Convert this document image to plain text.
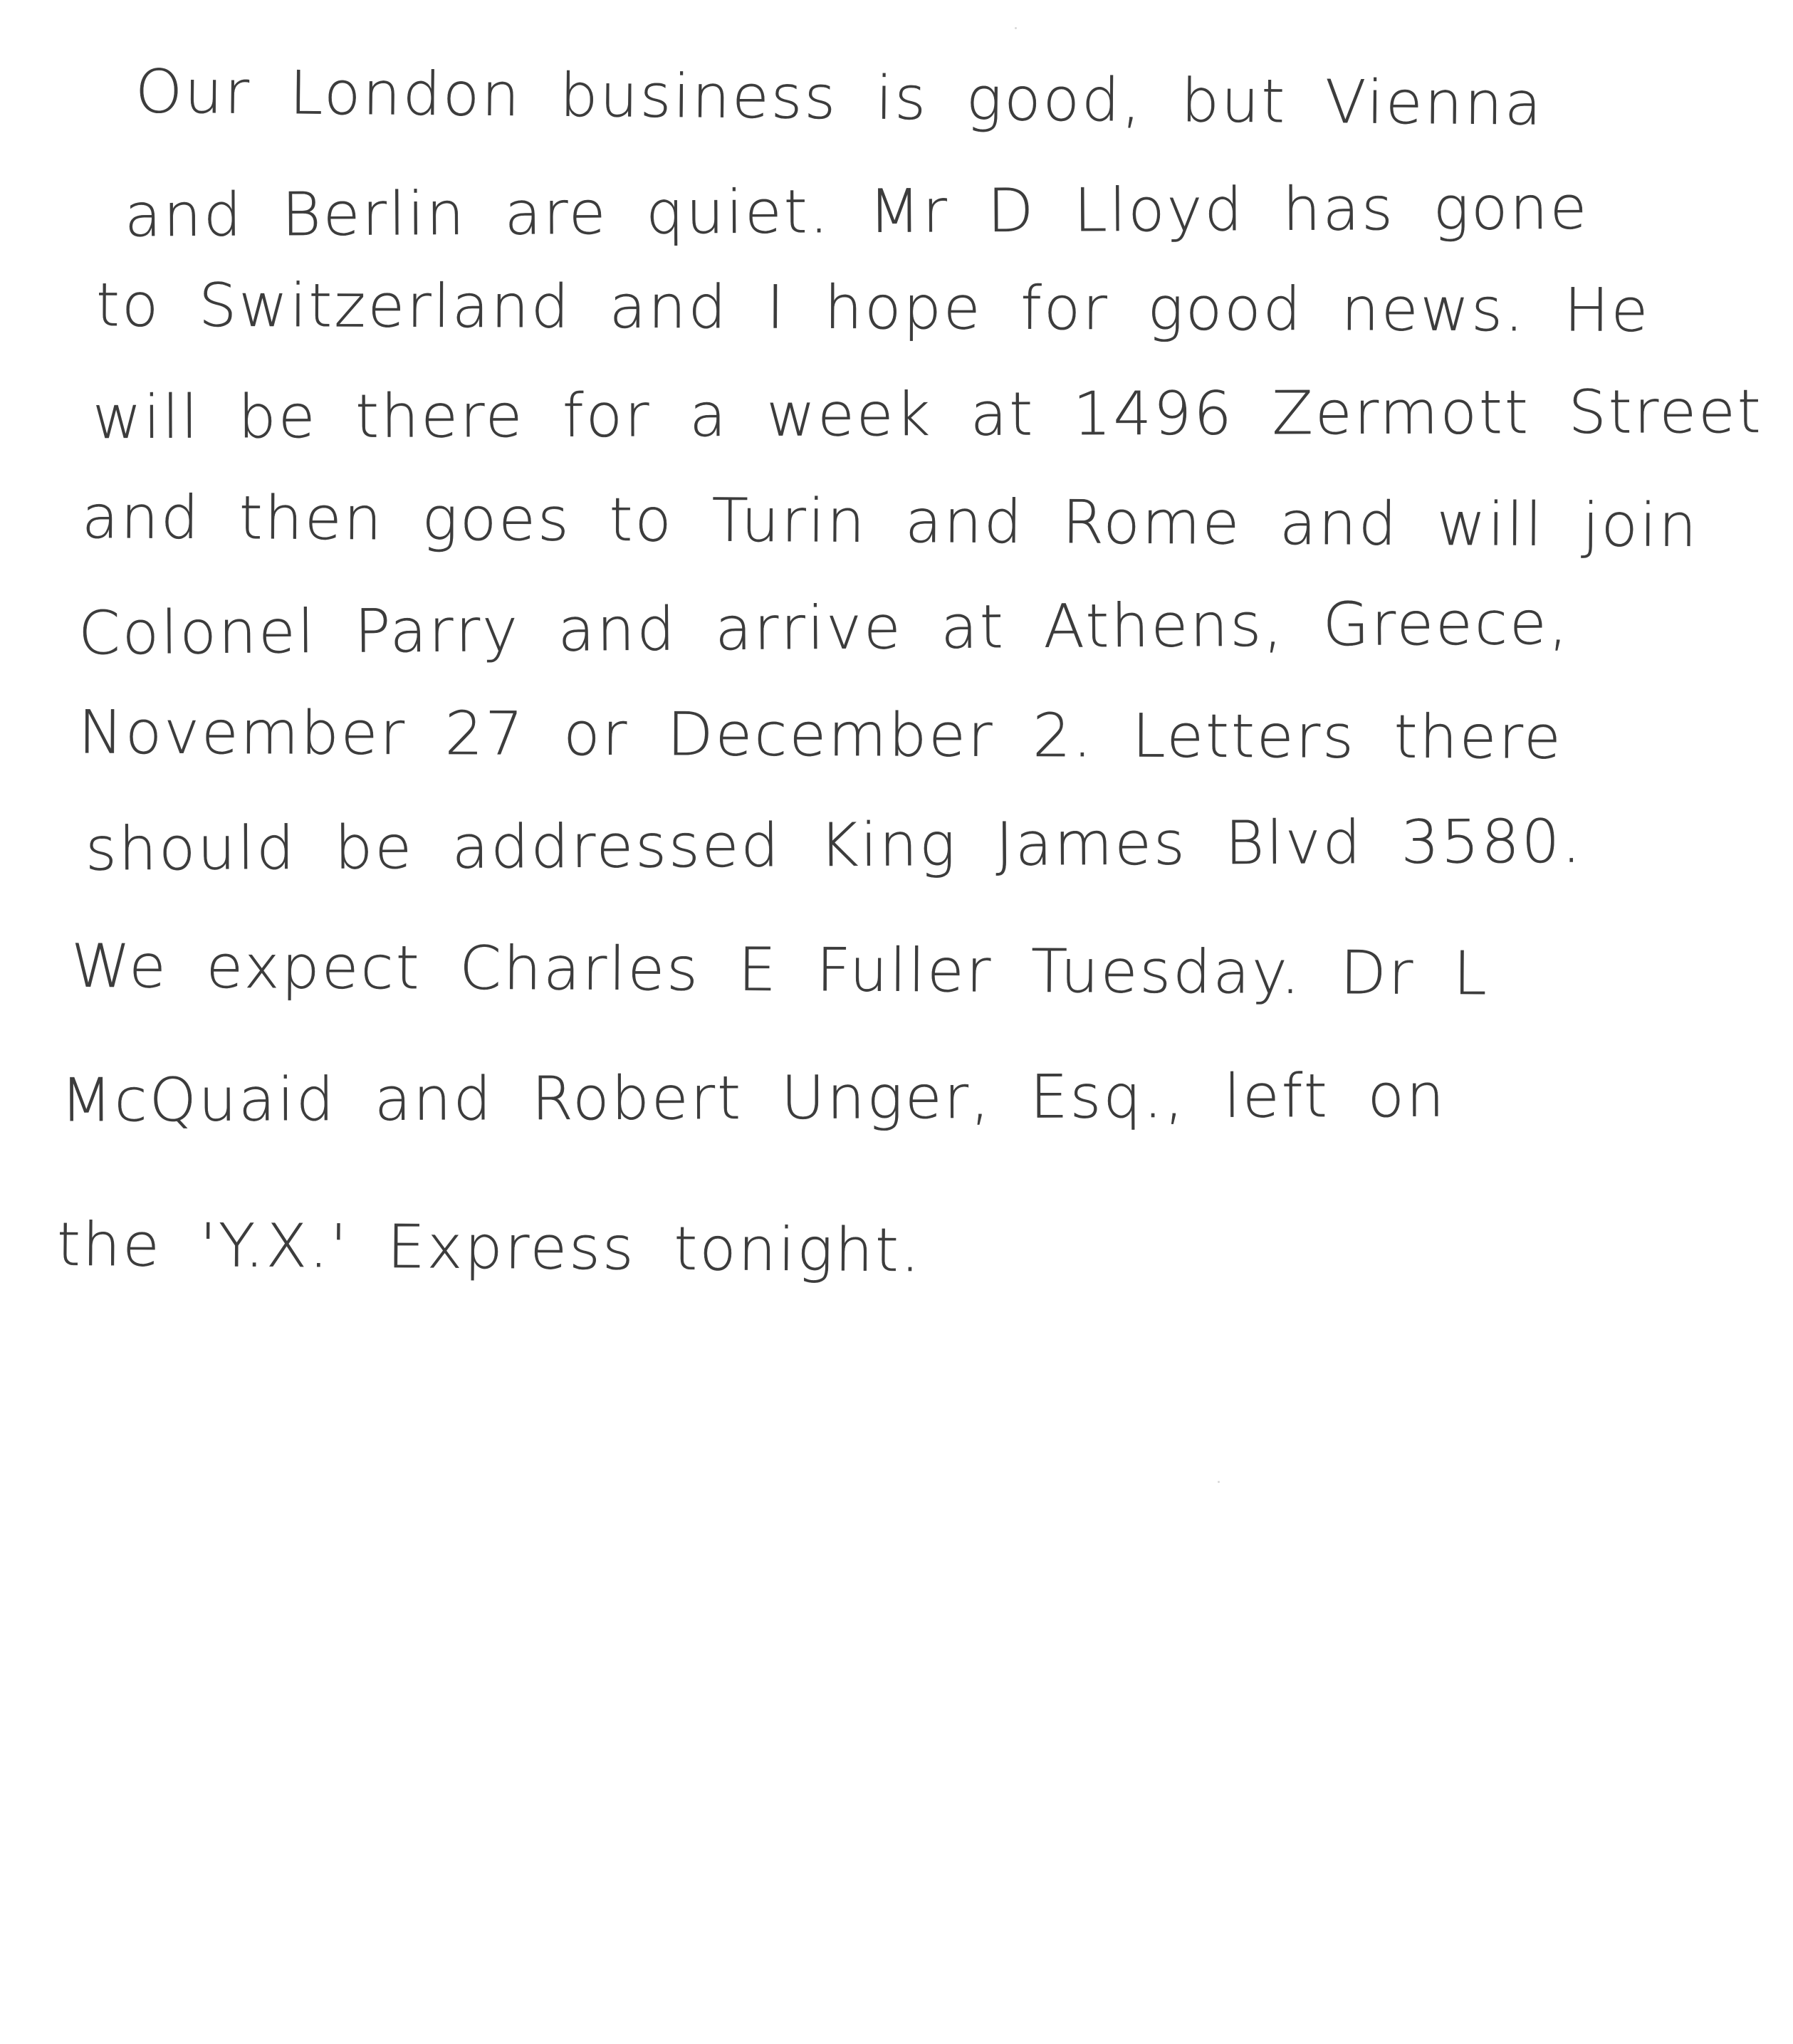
Our London business is good, but Vienna
and Berlin are quiet. Mr D Lloyd has gone
to Switzerland and I hope for good news. He
will be there for a week at 1496 Zermott Street
and then goes to Turin and Rome and will join
Colonel Parry and arrive at Athens, Greece,
November 27 or December 2. Letters there
should be addressed King James Blvd 3580.
We expect Charles E Fuller Tuesday. Dr L
McQuaid and Robert Unger, Esq., left on
the 'Y.X.' Express tonight.
